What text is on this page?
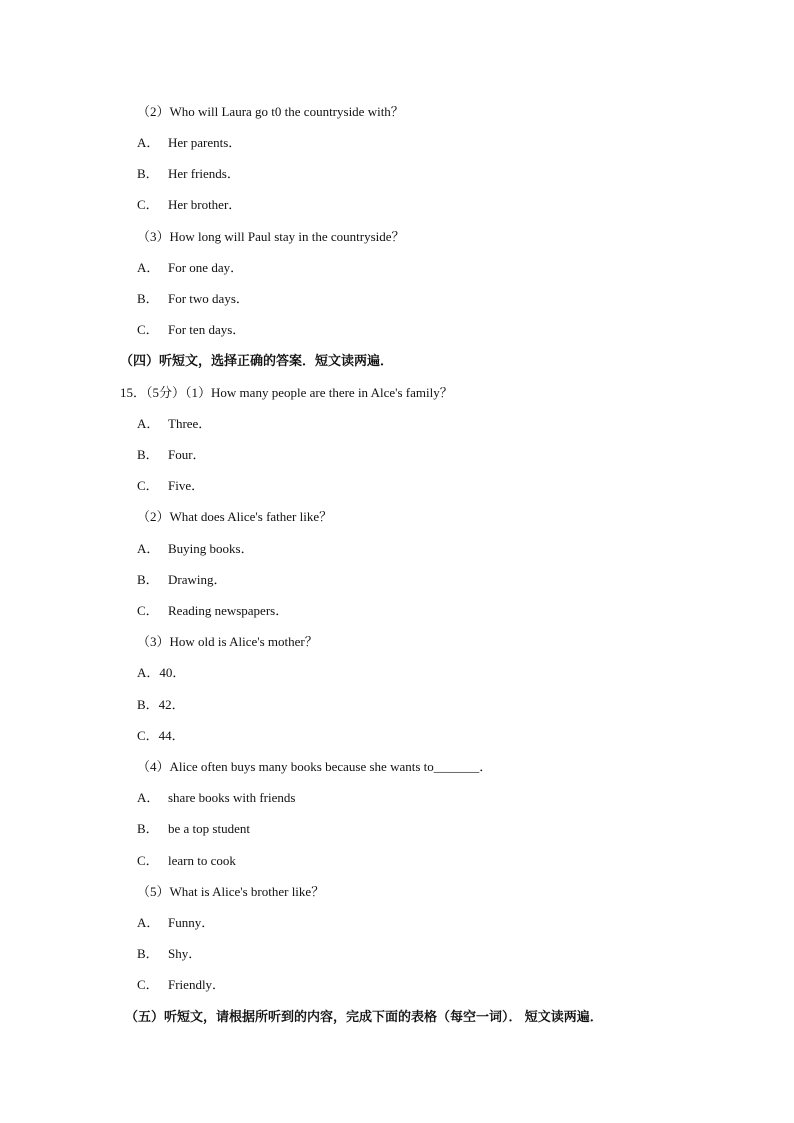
（2）Who will Laura go t0 the countryside with？
A． Her parents．
B． Her friends．
C． Her brother．
（3）How long will Paul stay in the countryside？
A． For one day．
B． For two days．
C． For ten days．
（四）听短文，选择正确的答案．短文读两遍．
15．（5分）（1）How many people are there in Alce's family？
A． Three．
B． Four．
C． Five．
（2）What does Alice's father like？
A． Buying books．
B． Drawing．
C． Reading newspapers．
（3）How old is Alice's mother？
A．40．
B．42．
C．44．
（4）Alice often buys many books because she wants to_______．
A． share books with friends
B． be a top student
C． learn to cook
（5）What is Alice's brother like？
A． Funny．
B． Shy．
C． Friendly．
（五）听短文，请根据所听到的内容，完成下面的表格（每空一词）． 短文读两遍．
